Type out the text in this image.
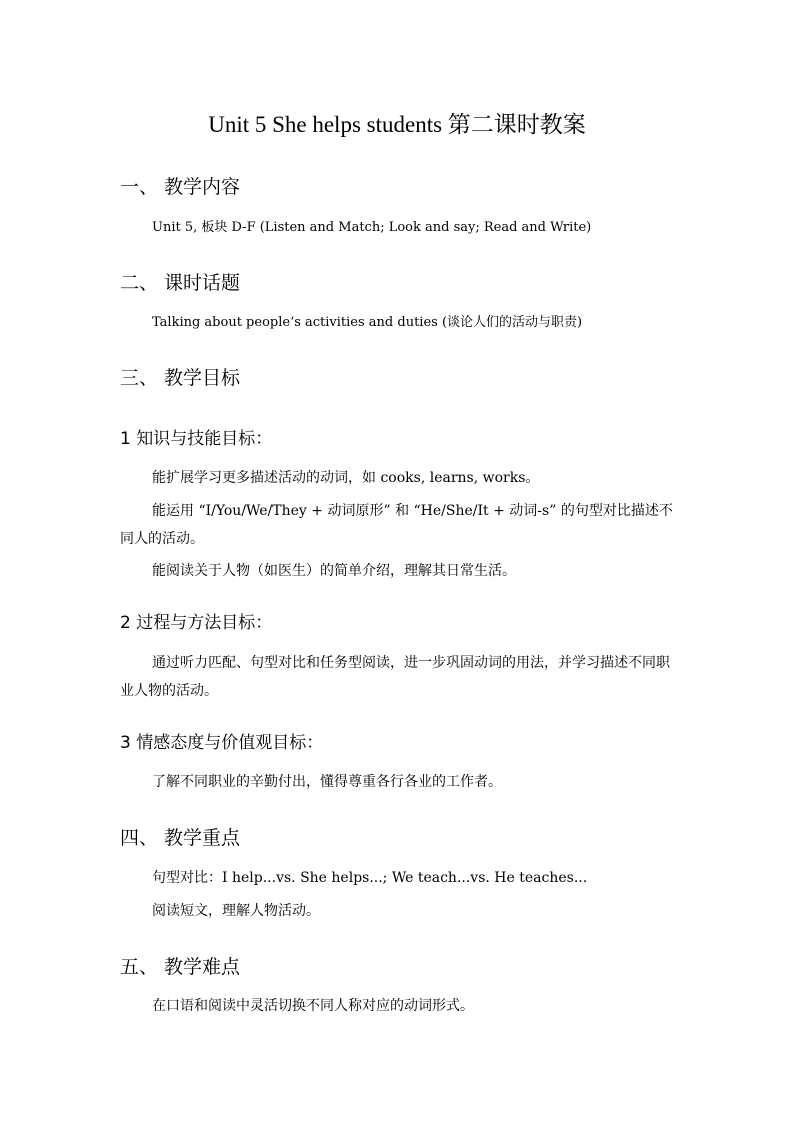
Unit 5 She helps students 第二课时教案
一、 教学内容
Unit 5, 板块 D-F (Listen and Match; Look and say; Read and Write)
二、 课时话题
Talking about people‘s activities and duties (谈论人们的活动与职责)
三、 教学目标
1 知识与技能目标：
能扩展学习更多描述活动的动词，如 cooks, learns, works。
能运用 “I/You/We/They + 动词原形” 和 “He/She/It + 动词-s” 的句型对比描述不同人的活动。
能阅读关于人物（如医生）的简单介绍，理解其日常生活。
2 过程与方法目标：
通过听力匹配、句型对比和任务型阅读，进一步巩固动词的用法，并学习描述不同职业人物的活动。
3 情感态度与价值观目标：
了解不同职业的辛勤付出，懂得尊重各行各业的工作者。
四、 教学重点
句型对比：I help...vs. She helps...; We teach...vs. He teaches...
阅读短文，理解人物活动。
五、 教学难点
在口语和阅读中灵活切换不同人称对应的动词形式。
